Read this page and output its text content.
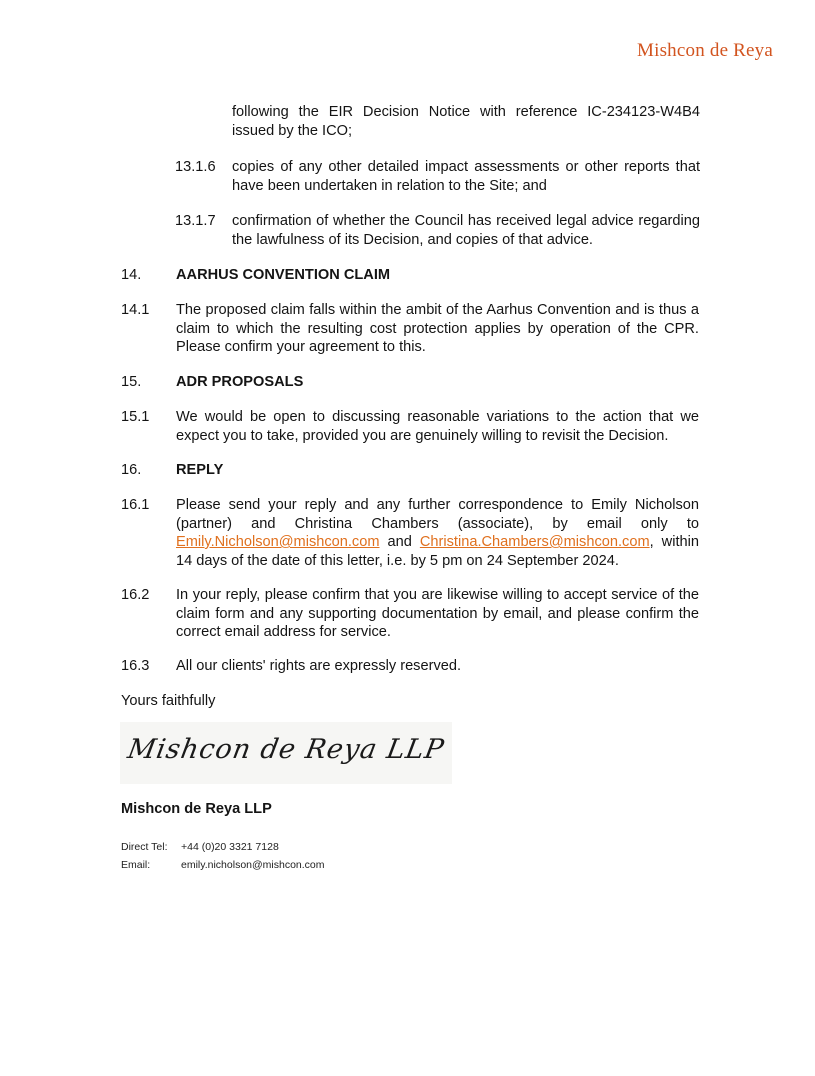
Mishcon de Reya
following the EIR Decision Notice with reference IC-234123-W4B4 issued by the ICO;
13.1.6	copies of any other detailed impact assessments or other reports that have been undertaken in relation to the Site; and
13.1.7	confirmation of whether the Council has received legal advice regarding the lawfulness of its Decision, and copies of that advice.
14.	AARHUS CONVENTION CLAIM
14.1	The proposed claim falls within the ambit of the Aarhus Convention and is thus a claim to which the resulting cost protection applies by operation of the CPR. Please confirm your agreement to this.
15.	ADR PROPOSALS
15.1	We would be open to discussing reasonable variations to the action that we expect you to take, provided you are genuinely willing to revisit the Decision.
16.	REPLY
16.1	Please send your reply and any further correspondence to Emily Nicholson (partner) and Christina Chambers (associate), by email only to Emily.Nicholson@mishcon.com and Christina.Chambers@mishcon.com, within 14 days of the date of this letter, i.e. by 5 pm on 24 September 2024.
16.2	In your reply, please confirm that you are likewise willing to accept service of the claim form and any supporting documentation by email, and please confirm the correct email address for service.
16.3	All our clients' rights are expressly reserved.
Yours faithfully
Mishcon de Reya LLP
Mishcon de Reya LLP
Direct Tel: +44 (0)20 3321 7128
Email:	emily.nicholson@mishcon.com
